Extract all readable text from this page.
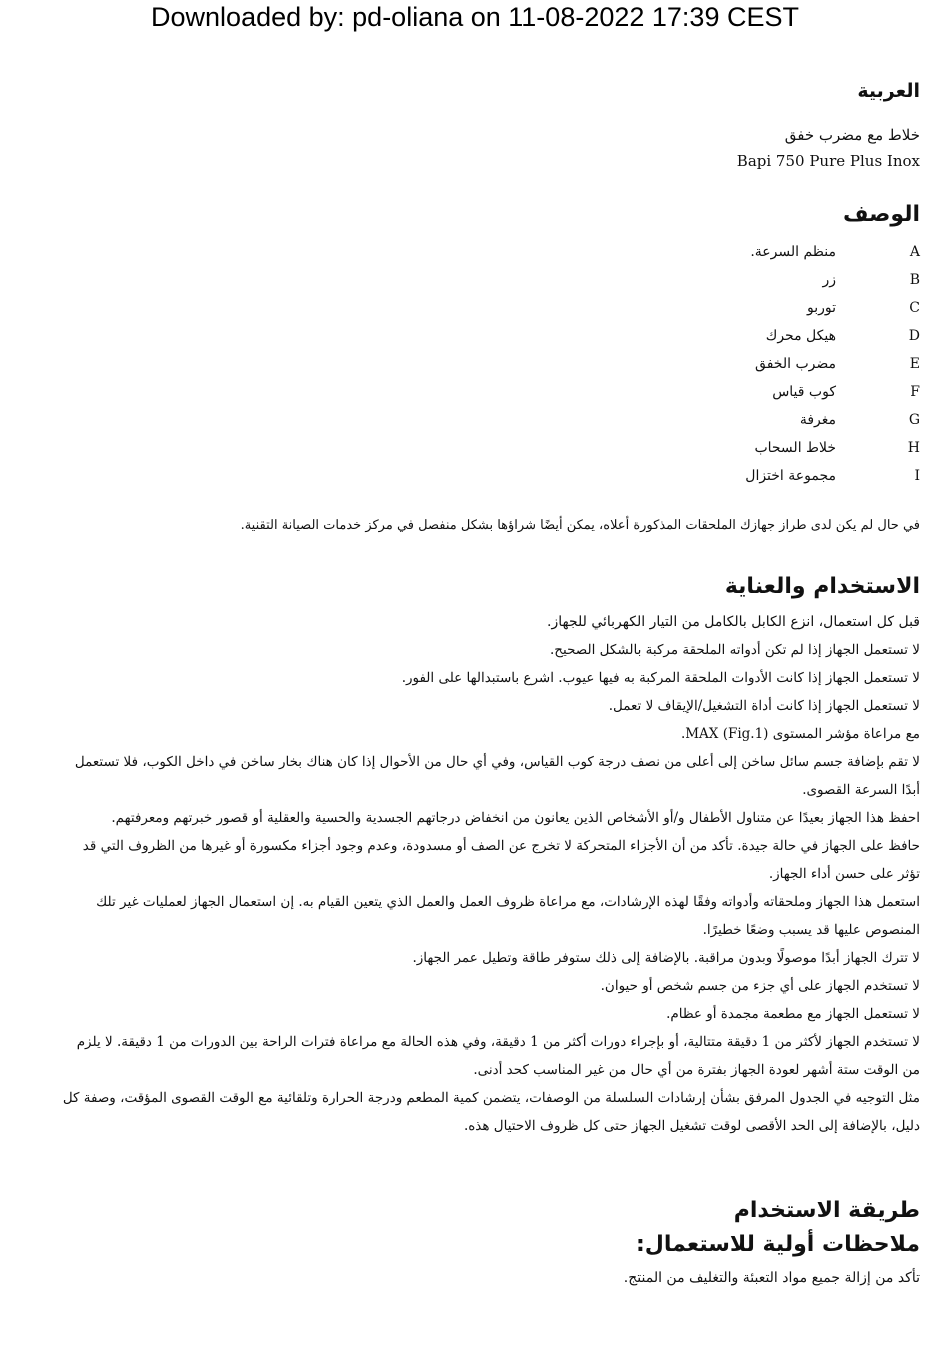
Downloaded by: pd-oliana on 11-08-2022 17:39 CEST
العربية
ﺧﻼط ﻣﻊ ﻣﻀﺮب ﺧﻔﻖ
Bapi 750 Pure Plus Inox
الوصف
A
ﻣﻨﻈﻢ اﻟﺴﺮﻋﺔ.
B
زر
C
ﺗﻮرﺑﻮ
D
ﻫﻴﻜﻞ ﻣﺤﺮك
E
ﻣﻀﺮب اﻟﺨﻔﻖ
F
ﻛﻮب ﻗﻴﺎس
G
ﻣﻐﺮﻓﺔ
H
ﺧﻼط اﻟﺴﺤﺎب
I
ﻣﺠﻤﻮﻋﺔ اﺧﺘﺰال
ﻓﻲ ﺣﺎل ﻟﻢ ﻳﻜﻦ ﻟﺪى ﻃﺮاز ﺟﻬﺎزك اﻟﻤﻠﺤﻘﺎت اﻟﻤﺬﻛﻮرة أﻋﻼه، ﻳﻤﻜﻦ أﻳﻀًﺎ ﺷﺮاؤﻫﺎ ﺑﺸﻜﻞ ﻣﻨﻔﺼﻞ ﻓﻲ ﻣﺮﻛﺰ ﺧﺪﻣﺎت اﻟﺼﻴﺎﻧﺔ اﻟﺘﻘﻨﻴﺔ.
الاستخدام والعناية
ﻗﺒﻞ ﻛﻞ اﺳﺘﻌﻤﺎل، اﻧﺰع اﻟﻜﺎﺑﻞ ﺑﺎﻟﻜﺎﻣﻞ ﻣﻦ اﻟﺘﻴﺎر اﻟﻜﻬﺮﺑﺎﺋﻲ ﻟﻠﺠﻬﺎز.
ﻻ ﺗﺴﺘﻌﻤﻞ اﻟﺠﻬﺎز إذا ﻟﻢ ﺗﻜﻦ أدواﺗﻪ اﻟﻤﻠﺤﻘﺔ ﻣﺮﻛﺒﺔ ﺑﺎﻟﺸﻜﻞ اﻟﺼﺤﻴﺢ.
ﻻ ﺗﺴﺘﻌﻤﻞ اﻟﺠﻬﺎز إذا ﻛﺎﻧﺖ اﻷدوات اﻟﻤﻠﺤﻘﺔ اﻟﻤﺮﻛﺒﺔ ﺑﻪ ﻓﻴﻬﺎ ﻋﻴﻮب. اﺷﺮع ﺑﺎﺳﺘﺒﺪاﻟﻬﺎ ﻋﻠﻰ اﻟﻔﻮر.
ﻻ ﺗﺴﺘﻌﻤﻞ اﻟﺠﻬﺎز إذا ﻛﺎﻧﺖ أداة اﻟﺘﺸﻐﻴﻞ/اﻹﻳﻘﺎف ﻻ ﺗﻌﻤﻞ.
ﻣﻊ ﻣﺮاﻋﺎة ﻣﺆﺷﺮ اﻟﻤﺴﺘﻮى MAX (Fig.1).
ﻻ ﺗﻘﻢ ﺑﺈﺿﺎﻓﺔ ﺟﺴﻢ ﺳﺎﺋﻞ ﺳﺎﺧﻦ إﻟﻰ أﻋﻠﻰ ﻣﻦ ﻧﺼﻒ درﺟﺔ ﻛﻮب اﻟﻘﻴﺎس، وﻓﻲ أي ﺣﺎل ﻣﻦ اﻷﺣﻮال إذا ﻛﺎن ﻫﻨﺎك ﺑﺨﺎر ﺳﺎﺧﻦ ﻓﻲ داﺧﻞ اﻟﻜﻮب، ﻓﻼ ﺗﺴﺘﻌﻤﻞ أﺑﺪًا اﻟﺴﺮﻋﺔ اﻟﻘﺼﻮى.
اﺣﻔﻆ ﻫﺬا اﻟﺠﻬﺎز ﺑﻌﻴﺪًا ﻋﻦ ﻣﺘﻨﺎول اﻷﻃﻔﺎل و/أو اﻷﺷﺨﺎص اﻟﺬﻳﻦ ﻳﻌﺎﻧﻮن ﻣﻦ اﻧﺨﻔﺎض درﺟﺎﺗﻬﻢ اﻟﺠﺴﺪﻳﺔ واﻟﺤﺴﻴﺔ واﻟﻌﻘﻠﻴﺔ أو ﻗﺼﻮر ﺧﺒﺮﺗﻬﻢ وﻣﻌﺮﻓﺘﻬﻢ.
ﺣﺎﻓﻆ ﻋﻠﻰ اﻟﺠﻬﺎز ﻓﻲ ﺣﺎﻟﺔ ﺟﻴﺪة. ﺗﺄﻛﺪ ﻣﻦ أن اﻷﺟﺰاء اﻟﻤﺘﺤﺮﻛﺔ ﻻ ﺗﺨﺮج ﻋﻦ اﻟﺼﻒ أو ﻣﺴﺪودة، وﻋﺪم وﺟﻮد أﺟﺰاء ﻣﻜﺴﻮرة أو ﻏﻴﺮﻫﺎ ﻣﻦ اﻟﻈﺮوف اﻟﺘﻲ ﻗﺪ ﺗﺆﺛﺮ ﻋﻠﻰ ﺣﺴﻦ أداء اﻟﺠﻬﺎز.
اﺳﺘﻌﻤﻞ ﻫﺬا اﻟﺠﻬﺎز وﻣﻠﺤﻘﺎﺗﻪ وأدواﺗﻪ وﻓﻘًﺎ ﻟﻬﺬه اﻹرﺷﺎدات، ﻣﻊ ﻣﺮاﻋﺎة ﻇﺮوف اﻟﻌﻤﻞ واﻟﻌﻤﻞ اﻟﺬي ﻳﺘﻌﻴﻦ اﻟﻘﻴﺎم ﺑﻪ. إن اﺳﺘﻌﻤﺎل اﻟﺠﻬﺎز ﻟﻌﻤﻠﻴﺎت ﻏﻴﺮ ﺗﻠﻚ اﻟﻤﻨﺼﻮص ﻋﻠﻴﻬﺎ ﻗﺪ ﻳﺴﺒﺐ وﺿﻌًﺎ ﺧﻄﻴﺮًا.
ﻻ ﺗﺘﺮك اﻟﺠﻬﺎز أﺑﺪًا ﻣﻮﺻﻮﻟًﺎ وﺑﺪون ﻣﺮاﻗﺒﺔ. ﺑﺎﻹﺿﺎﻓﺔ إﻟﻰ ذﻟﻚ ﺳﺘﻮﻓﺮ ﻃﺎﻗﺔ وﺗﻄﻴﻞ ﻋﻤﺮ اﻟﺠﻬﺎز.
ﻻ ﺗﺴﺘﺨﺪم اﻟﺠﻬﺎز ﻋﻠﻰ أي ﺟﺰء ﻣﻦ ﺟﺴﻢ ﺷﺨﺺ أو ﺣﻴﻮان.
ﻻ ﺗﺴﺘﻌﻤﻞ اﻟﺠﻬﺎز ﻣﻊ ﻣﻄﻌﻤﺔ ﻣﺠﻤﺪة أو ﻋﻈﺎم.
ﻻ ﺗﺴﺘﺨﺪم اﻟﺠﻬﺎز ﻷﻛﺜﺮ ﻣﻦ 1 دﻗﻴﻘﺔ ﻣﺘﺘﺎﻟﻴﺔ، أو ﺑﺈﺟﺮاء دورات أﻛﺜﺮ ﻣﻦ 1 دﻗﻴﻘﺔ، وﻓﻲ ﻫﺬه اﻟﺤﺎﻟﺔ ﻣﻊ ﻣﺮاﻋﺎة ﻓﺘﺮات اﻟﺮاﺣﺔ ﺑﻴﻦ اﻟﺪورات ﻣﻦ 1 دﻗﻴﻘﺔ. ﻻ ﻳﻠﺰم ﻣﻦ اﻟﻮﻗﺖ ﺳﺘﺔ أﺷﻬﺮ ﻟﻌﻮدة اﻟﺠﻬﺎز ﺑﻔﺘﺮة ﻣﻦ أي ﺣﺎل ﻣﻦ ﻏﻴﺮ اﻟﻤﻨﺎﺳﺐ ﻛﺤﺪ أدﻧﻰ.
ﻣﺜﻞ اﻟﺘﻮﺟﻴﻪ ﻓﻲ اﻟﺠﺪول اﻟﻤﺮﻓﻖ ﺑﺸﺄن إرﺷﺎدات اﻟﺴﻠﺴﻠﺔ ﻣﻦ اﻟﻮﺻﻔﺎت، ﻳﺘﻀﻤﻦ ﻛﻤﻴﺔ اﻟﻤﻄﻌﻢ ودرﺟﺔ اﻟﺤﺮارة وﺗﻠﻘﺎﺋﻴﺔ ﻣﻊ اﻟﻮﻗﺖ اﻟﻘﺼﻮى اﻟﻤﺆﻗﺖ، وﺻﻔﺔ ﻛﻞ دﻟﻴﻞ، ﺑﺎﻹﺿﺎﻓﺔ إﻟﻰ اﻟﺤﺪ اﻷﻗﺼﻰ ﻟﻮﻗﺖ ﺗﺸﻐﻴﻞ اﻟﺠﻬﺎز ﺣﺘﻰ ﻛﻞ ﻇﺮوف اﻻﺣﺘﻴﺎل ﻫﺬه.
طريقة الاستخدام
ملاحظات أولية للاستعمال:
ﺗﺄﻛﺪ ﻣﻦ إزاﻟﺔ ﺟﻤﻴﻊ ﻣﻮاد اﻟﺘﻌﺒﺌﺔ واﻟﺘﻐﻠﻴﻒ ﻣﻦ اﻟﻤﻨﺘﺞ.
